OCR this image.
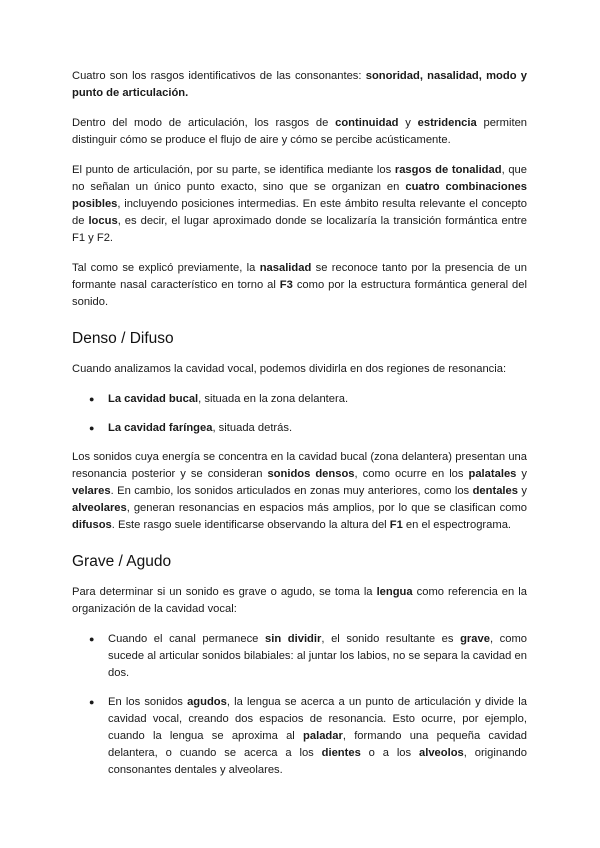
Cuatro son los rasgos identificativos de las consonantes: sonoridad, nasalidad, modo y punto de articulación.

Dentro del modo de articulación, los rasgos de continuidad y estridencia permiten distinguir cómo se produce el flujo de aire y cómo se percibe acústicamente.

El punto de articulación, por su parte, se identifica mediante los rasgos de tonalidad, que no señalan un único punto exacto, sino que se organizan en cuatro combinaciones posibles, incluyendo posiciones intermedias. En este ámbito resulta relevante el concepto de locus, es decir, el lugar aproximado donde se localizaría la transición formántica entre F1 y F2.

Tal como se explicó previamente, la nasalidad se reconoce tanto por la presencia de un formante nasal característico en torno al F3 como por la estructura formántica general del sonido.

Denso / Difuso

Cuando analizamos la cavidad vocal, podemos dividirla en dos regiones de resonancia:

● La cavidad bucal, situada en la zona delantera.
● La cavidad faríngea, situada detrás.

Los sonidos cuya energía se concentra en la cavidad bucal (zona delantera) presentan una resonancia posterior y se consideran sonidos densos, como ocurre en los palatales y velares. En cambio, los sonidos articulados en zonas muy anteriores, como los dentales y alveolares, generan resonancias en espacios más amplios, por lo que se clasifican como difusos. Este rasgo suele identificarse observando la altura del F1 en el espectrograma.

Grave / Agudo

Para determinar si un sonido es grave o agudo, se toma la lengua como referencia en la organización de la cavidad vocal:

● Cuando el canal permanece sin dividir, el sonido resultante es grave, como sucede al articular sonidos bilabiales: al juntar los labios, no se separa la cavidad en dos.
● En los sonidos agudos, la lengua se acerca a un punto de articulación y divide la cavidad vocal, creando dos espacios de resonancia. Esto ocurre, por ejemplo, cuando la lengua se aproxima al paladar, formando una pequeña cavidad delantera, o cuando se acerca a los dientes o a los alveolos, originando consonantes dentales y alveolares.
